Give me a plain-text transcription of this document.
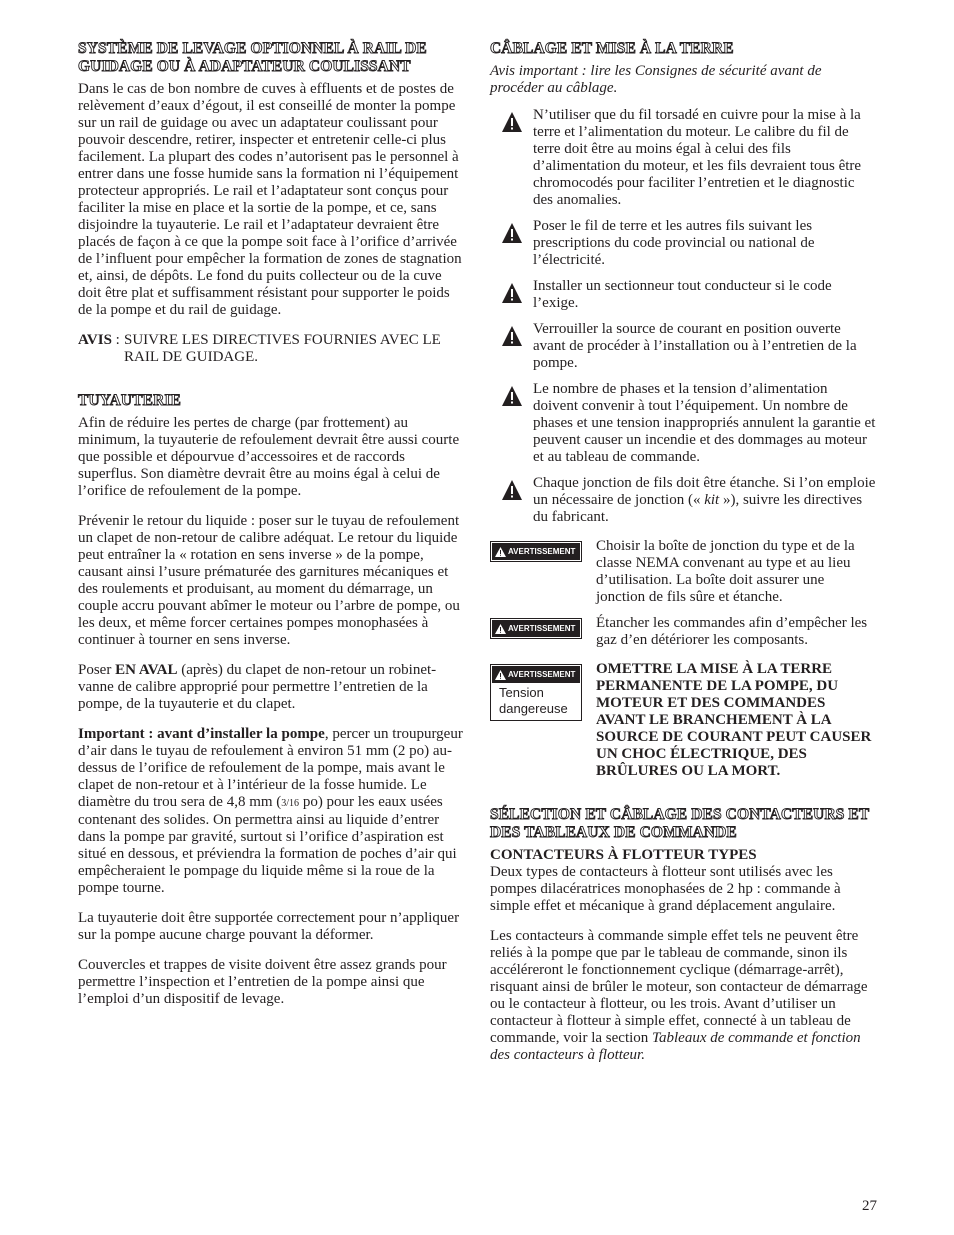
SYSTÈME DE LEVAGE OPTIONNEL À RAIL DE GUIDAGE OU À ADAPTATEUR COULISSANT

Dans le cas de bon nombre de cuves à effluents et de postes de relèvement d’eaux d’égout, il est conseillé de monter la pompe sur un rail de guidage ou avec un adaptateur coulissant pour pouvoir descendre, retirer, inspecter et entretenir celle-ci plus facilement. La plupart des codes n’autorisent pas le personnel à entrer dans une fosse humide sans la formation ni l’équipement protecteur appropriés. Le rail et l’adaptateur sont conçus pour faciliter la mise en place et la sortie de la pompe, et ce, sans disjoindre la tuyauterie. Le rail et l’adaptateur devraient être placés de façon à ce que la pompe soit face à l’orifice d’arrivée de l’influent pour empêcher la formation de zones de stagnation et, ainsi, de dépôts. Le fond du puits collecteur ou de la cuve doit être plat et suffisamment résistant pour supporter le poids de la pompe et du rail de guidage.

AVIS : SUIVRE LES DIRECTIVES FOURNIES AVEC LE RAIL DE GUIDAGE.
TUYAUTERIE

Afin de réduire les pertes de charge (par frottement) au minimum, la tuyauterie de refoulement devrait être aussi courte que possible et dépourvue d’accessoires et de raccords superflus. Son diamètre devrait être au moins égal à celui de l’orifice de refoulement de la pompe.

Prévenir le retour du liquide : poser sur le tuyau de refoulement un clapet de non-retour de calibre adéquat. Le retour du liquide peut entraîner la « rotation en sens inverse » de la pompe, causant ainsi l’usure prématurée des garnitures mécaniques et des roulements et produisant, au moment du démarrage, un couple accru pouvant abîmer le moteur ou l’arbre de pompe, ou les deux, et même forcer certaines pompes monophasées à continuer à tourner en sens inverse.

Poser EN AVAL (après) du clapet de non-retour un robinet-vanne de calibre approprié pour permettre l’entretien de la pompe, de la tuyauterie et du clapet.

Important : avant d’installer la pompe, percer un troupurgeur d’air dans le tuyau de refoulement à environ 51 mm (2 po) au-dessus de l’orifice de refoulement de la pompe, mais avant le clapet de non-retour et à l’intérieur de la fosse humide. Le diamètre du trou sera de 4,8 mm (3/16 po) pour les eaux usées contenant des solides. On permettra ainsi au liquide d’entrer dans la pompe par gravité, surtout si l’orifice d’aspiration est situé en dessous, et préviendra la formation de poches d’air qui empêcheraient le pompage du liquide même si la roue de la pompe tourne.

La tuyauterie doit être supportée correctement pour n’appliquer sur la pompe aucune charge pouvant la déformer.

Couvercles et trappes de visite doivent être assez grands pour permettre l’inspection et l’entretien de la pompe ainsi que l’emploi d’un dispositif de levage.

CÂBLAGE ET MISE À LA TERRE

Avis important : lire les Consignes de sécurité avant de procéder au câblage.

N’utiliser que du fil torsadé en cuivre pour la mise à la terre et l’alimentation du moteur. Le calibre du fil de terre doit être au moins égal à celui des fils d’alimentation du moteur, et les fils devraient tous être chromocodés pour faciliter l’entretien et le diagnostic des anomalies.
Poser le fil de terre et les autres fils suivant les prescriptions du code provincial ou national de l’électricité.
Installer un sectionneur tout conducteur si le code l’exige.
Verrouiller la source de courant en position ouverte avant de procéder à l’installation ou à l’entretien de la pompe.
Le nombre de phases et la tension d’alimentation doivent convenir à tout l’équipement. Un nombre de phases et une tension inappropriés annulent la garantie et peuvent causer un incendie et des dommages au moteur et au tableau de commande.
Chaque jonction de fils doit être étanche. Si l’on emploie un nécessaire de jonction (« kit »), suivre les directives du fabricant.
AVERTISSEMENT Choisir la boîte de jonction du type et de la classe NEMA convenant au type et au lieu d’utilisation. La boîte doit assurer une jonction de fils sûre et étanche.
AVERTISSEMENT Étancher les commandes afin d’empêcher les gaz d’en détériorer les composants.
AVERTISSEMENT
Tension dangereuse
OMETTRE LA MISE À LA TERRE PERMANENTE DE LA POMPE, DU MOTEUR ET DES COMMANDES AVANT LE BRANCHEMENT À LA SOURCE DE COURANT PEUT CAUSER UN CHOC ÉLECTRIQUE, DES BRÛLURES OU LA MORT.
SÉLECTION ET CÂBLAGE DES CONTACTEURS ET DES TABLEAUX DE COMMANDE
CONTACTEURS À FLOTTEUR TYPES

Deux types de contacteurs à flotteur sont utilisés avec les pompes dilacératrices monophasées de 2 hp : commande à simple effet et mécanique à grand déplacement angulaire.

Les contacteurs à commande simple effet tels ne peuvent être reliés à la pompe que par le tableau de commande, sinon ils accéléreront le fonctionnement cyclique (démarrage-arrêt), risquant ainsi de brûler le moteur, son contacteur de démarrage ou le contacteur à flotteur, ou les trois. Avant d’utiliser un contacteur à flotteur à simple effet, connecté à un tableau de commande, voir la section Tableaux de commande et fonction des contacteurs à flotteur.

27
